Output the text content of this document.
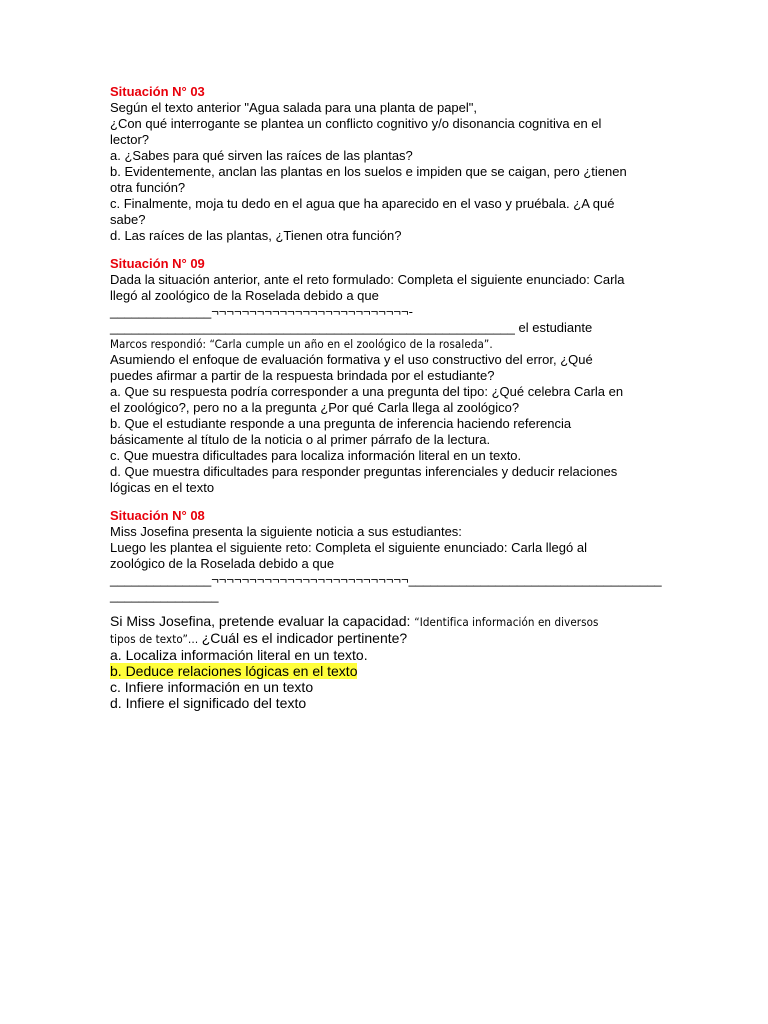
Situación N° 03
Según el texto anterior "Agua salada para una planta de papel",
¿Con qué interrogante se plantea un conflicto cognitivo y/o disonancia cognitiva en el
lector?
a. ¿Sabes para qué sirven las raíces de las plantas?
b. Evidentemente, anclan las plantas en los suelos e impiden que se caigan, pero ¿tienen
otra función?
c. Finalmente, moja tu dedo en el agua que ha aparecido en el vaso y pruébala. ¿A qué
sabe?
d. Las raíces de las plantas, ¿Tienen otra función?
Situación N° 09
Dada la situación anterior, ante el reto formulado: Completa el siguiente enunciado: Carla
llegó al zoológico de la Roselada debido a que
______________¬¬¬¬¬¬¬¬¬¬¬¬¬¬¬¬¬¬¬¬¬¬¬¬¬¬-
________________________________________________________ el estudiante
Marcos respondió: “Carla cumple un año en el zoológico de la rosaleda”.
Asumiendo el enfoque de evaluación formativa y el uso constructivo del error, ¿Qué
puedes afirmar a partir de la respuesta brindada por el estudiante?
a. Que su respuesta podría corresponder a una pregunta del tipo: ¿Qué celebra Carla en
el zoológico?, pero no a la pregunta ¿Por qué Carla llega al zoológico?
b. Que el estudiante responde a una pregunta de inferencia haciendo referencia
básicamente al título de la noticia o al primer párrafo de la lectura.
c. Que muestra dificultades para localiza información literal en un texto.
d. Que muestra dificultades para responder preguntas inferenciales y deducir relaciones
lógicas en el texto
Situación N° 08
Miss Josefina presenta la siguiente noticia a sus estudiantes:
Luego les plantea el siguiente reto: Completa el siguiente enunciado: Carla llegó al
zoológico de la Roselada debido a que
______________¬¬¬¬¬¬¬¬¬¬¬¬¬¬¬¬¬¬¬¬¬¬¬¬¬¬___________________________________
_______________
Si Miss Josefina, pretende evaluar la capacidad: “Identifica información en diversos
tipos de texto”… ¿Cuál es el indicador pertinente?
a. Localiza información literal en un texto.
b. Deduce relaciones lógicas en el texto
c. Infiere información en un texto
d. Infiere el significado del texto
